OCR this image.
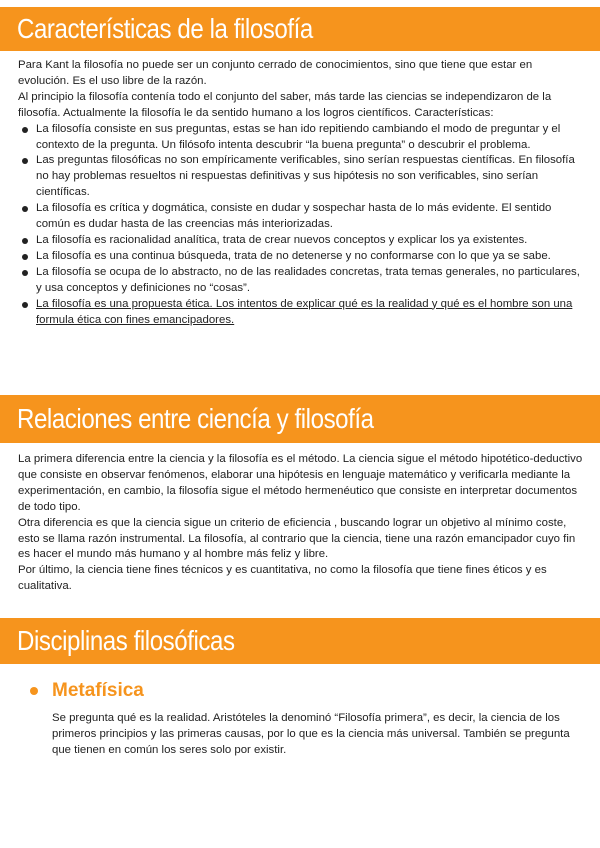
Características de la filosofía

Para Kant la filosofía no puede ser un conjunto cerrado de conocimientos, sino que tiene que estar en evolución. Es el uso libre de la razón.

Al principio la filosofía contenía todo el conjunto del saber, más tarde las ciencias se independizaron de la filosofía. Actualmente la filosofía le da sentido humano a los logros científicos. Características:

La filosofía consiste en sus preguntas, estas se han ido repitiendo cambiando el modo de preguntar y el contexto de la pregunta. Un filósofo intenta descubrir “la buena pregunta” o descubrir el problema.
Las preguntas filosóficas no son empíricamente verificables, sino serían respuestas científicas. En filosofía no hay problemas resueltos ni respuestas definitivas y sus hipótesis no son verificables, sino serían científicas.
La filosofía es crítica y dogmática, consiste en dudar y sospechar hasta de lo más evidente. El sentido común es dudar hasta de las creencias más interiorizadas.
La filosofía es racionalidad analítica, trata de crear nuevos conceptos y explicar los ya existentes.
La filosofía es una continua búsqueda, trata de no detenerse y no conformarse con lo que ya se sabe.
La filosofía se ocupa de lo abstracto, no de las realidades concretas, trata temas generales, no particulares, y usa conceptos y definiciones no “cosas”.
La filosofía es una propuesta ética. Los intentos de explicar qué es la realidad y qué es el hombre son una formula ética con fines emancipadores.
Relaciones entre ciencía y filosofía

La primera diferencia entre la ciencia y la filosofía es el método. La ciencia sigue el método hipotético-deductivo que consiste en observar fenómenos, elaborar una hipótesis en lenguaje matemático y verificarla mediante la experimentación, en cambio, la filosofía sigue el método hermenéutico que consiste en interpretar documentos de todo tipo.

Otra diferencia es que la ciencia sigue un criterio de eficiencia , buscando lograr un objetivo al mínimo coste, esto se llama razón instrumental. La filosofía, al contrario que la ciencia, tiene una razón emancipador cuyo fin es hacer el mundo más humano y al hombre más feliz y libre.

Por último, la ciencia tiene fines técnicos y es cuantitativa, no como la filosofía que tiene fines éticos y es cualitativa.

Disciplinas filosóficas
Metafísica

Se pregunta qué es la realidad. Aristóteles la denominó “Filosofía primera”, es decir, la ciencia de los primeros principios y las primeras causas, por lo que es la ciencia más universal. También se pregunta que tienen en común los seres solo por existir.
